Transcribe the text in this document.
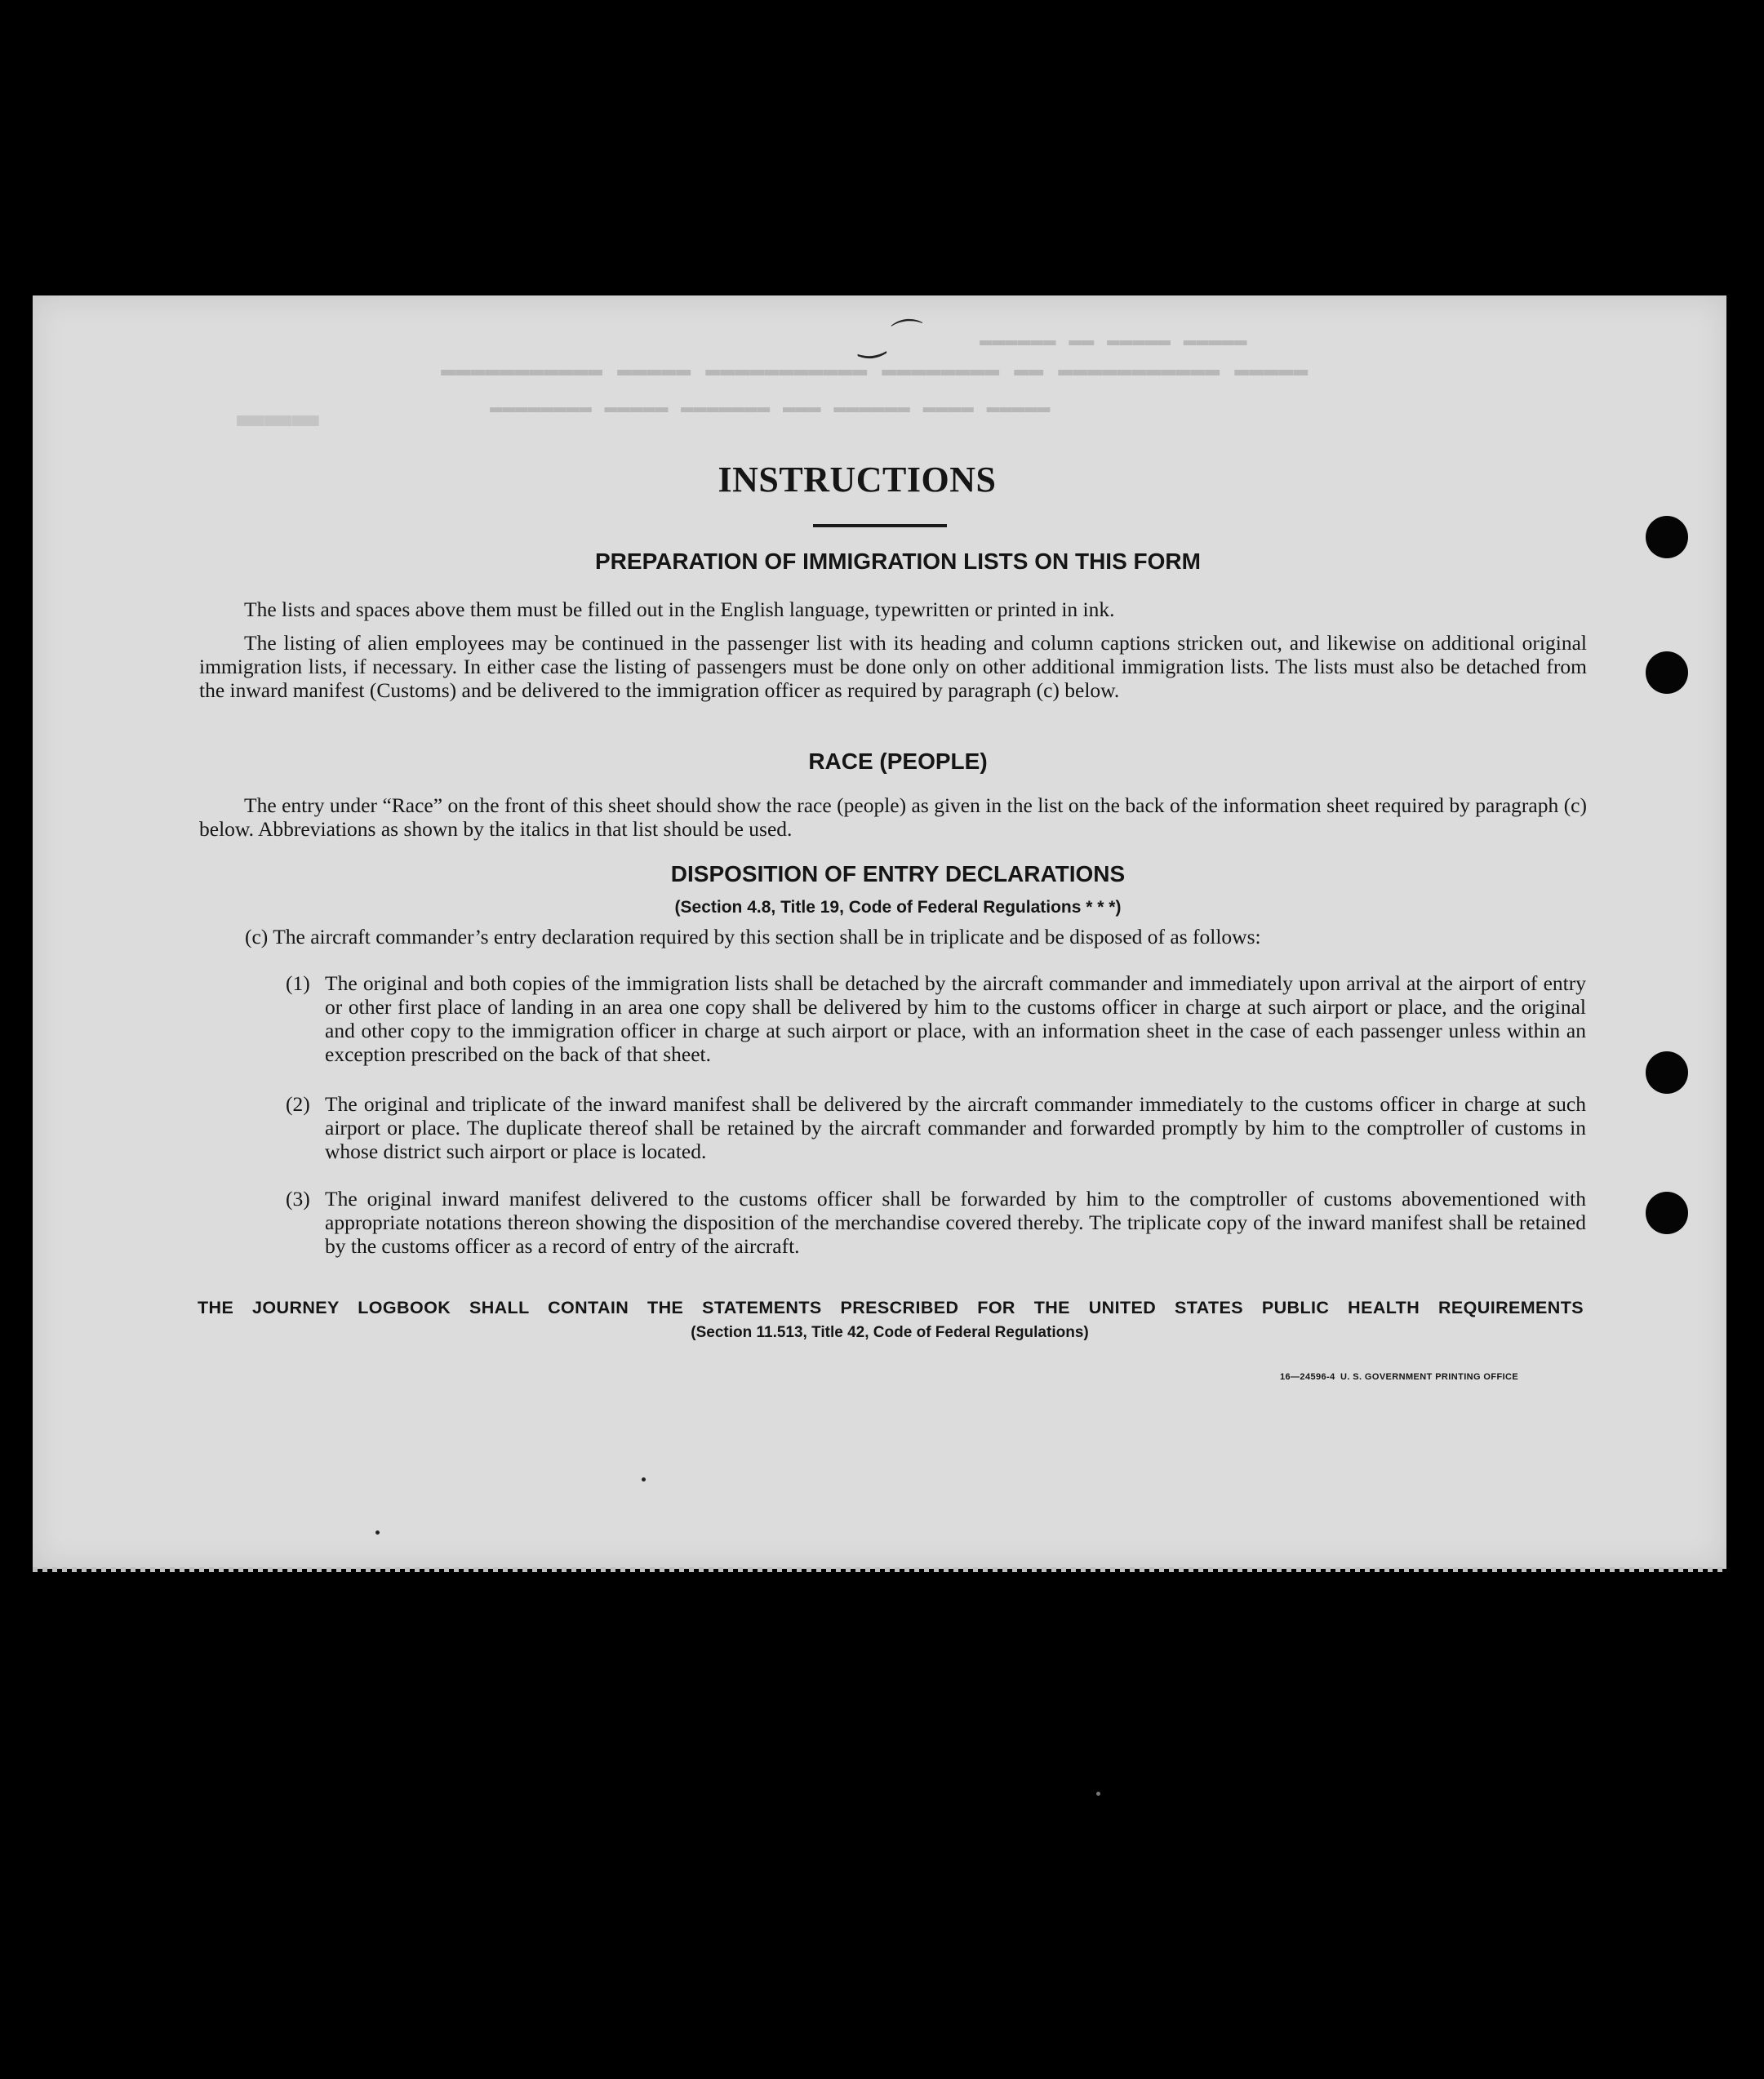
▬▬▬▬▬ ▬▬▬▬▬ ▬▬ ▬▬▬▬▬▬
▬▬▬▬▬ ▬▬▬▬▬▬▬▬▬▬▬ ▬▬ ▬▬▬▬▬▬▬▬ ▬▬▬▬▬▬▬▬▬▬▬ ▬▬▬▬▬ ▬▬▬▬▬▬▬▬▬▬▬
▬▬▬▬▬ ▬▬▬▬ ▬▬▬▬▬▬ ▬▬▬ ▬▬▬▬▬▬▬ ▬▬▬▬▬ ▬▬▬▬▬▬▬▬
▬▬▬
‿ ⌒
INSTRUCTIONS
PREPARATION OF IMMIGRATION LISTS ON THIS FORM
The lists and spaces above them must be filled out in the English language, typewritten or printed in ink.
The listing of alien employees may be continued in the passenger list with its heading and column captions stricken out, and likewise on additional original immigration lists, if necessary. In either case the listing of passengers must be done only on other additional immigration lists. The lists must also be detached from the inward manifest (Customs) and be delivered to the immigration officer as required by paragraph (c) below.
RACE (PEOPLE)
The entry under “Race” on the front of this sheet should show the race (people) as given in the list on the back of the information sheet required by paragraph (c) below. Abbreviations as shown by the italics in that list should be used.
DISPOSITION OF ENTRY DECLARATIONS
(Section 4.8, Title 19, Code of Federal Regulations * * *)
(c) The aircraft commander’s entry declaration required by this section shall be in triplicate and be disposed of as follows:
(1) The original and both copies of the immigration lists shall be detached by the aircraft commander and immediately upon arrival at the airport of entry or other first place of landing in an area one copy shall be delivered by him to the customs officer in charge at such airport or place, and the original and other copy to the immigration officer in charge at such airport or place, with an information sheet in the case of each passenger unless within an exception prescribed on the back of that sheet.
(2) The original and triplicate of the inward manifest shall be delivered by the aircraft commander immediately to the customs officer in charge at such airport or place. The duplicate thereof shall be retained by the aircraft commander and forwarded promptly by him to the comptroller of customs in whose district such airport or place is located.
(3) The original inward manifest delivered to the customs officer shall be forwarded by him to the comptroller of customs abovementioned with appropriate notations thereon showing the disposition of the merchandise covered thereby. The triplicate copy of the inward manifest shall be retained by the customs officer as a record of entry of the aircraft.
THE JOURNEY LOGBOOK SHALL CONTAIN THE STATEMENTS PRESCRIBED FOR THE UNITED STATES PUBLIC HEALTH REQUIREMENTS
(Section 11.513, Title 42, Code of Federal Regulations)
16—24596-4 U. S. GOVERNMENT PRINTING OFFICE
